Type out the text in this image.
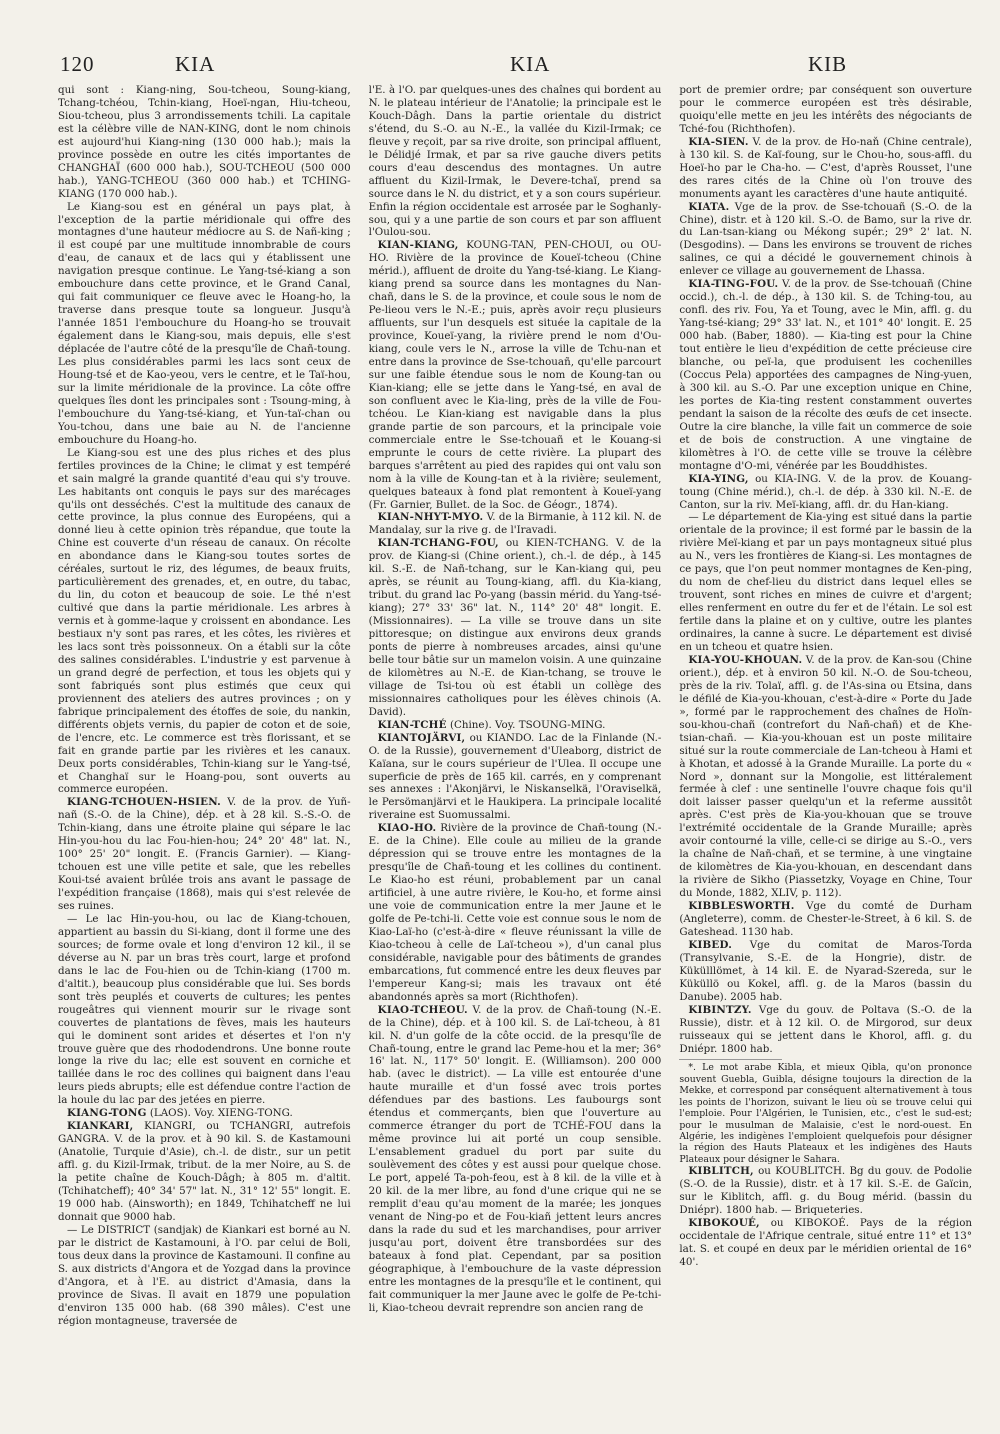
120	KIA	KIA	KIB

qui sont : Kiang-ning, Sou-tcheou, Soung-kiang, Tchang-tchéou, Tchin-kiang, Hoeï-ngan, Hiu-tcheou, Siou-tcheou, plus 3 arrondissements tchili. La capitale est la célèbre ville de NAN-KING, dont le nom chinois est aujourd'hui Kiang-ning (130 000 hab.); mais la province possède en outre les cités importantes de CHANGHAÏ (600 000 hab.), SOU-TCHEOU (500 000 hab.), YANG-TCHEOU (360 000 hab.) et TCHING-KIANG (170 000 hab.).

Le Kiang-sou est en général un pays plat, à l'exception de la partie méridionale qui offre des montagnes d'une hauteur médiocre au S. de Nañ-king ; il est coupé par une multitude innombrable de cours d'eau, de canaux et de lacs qui y établissent une navigation presque continue. Le Yang-tsé-kiang a son embouchure dans cette province, et le Grand Canal, qui fait communiquer ce fleuve avec le Hoang-ho, la traverse dans presque toute sa longueur. Jusqu'à l'année 1851 l'embouchure du Hoang-ho se trouvait également dans le Kiang-sou, mais depuis, elle s'est déplacée de l'autre côté de la presqu'île de Chañ-toung. Les plus considérables parmi les lacs sont ceux de Houng-tsé et de Kao-yeou, vers le centre, et le Taï-hou, sur la limite méridionale de la province. La côte offre quelques îles dont les principales sont : Tsoung-ming, à l'embouchure du Yang-tsé-kiang, et Yun-taï-chan ou You-tchou, dans une baie au N. de l'ancienne embouchure du Hoang-ho.

Le Kiang-sou est une des plus riches et des plus fertiles provinces de la Chine; le climat y est tempéré et sain malgré la grande quantité d'eau qui s'y trouve. Les habitants ont conquis le pays sur des marécages qu'ils ont desséchés. C'est la multitude des canaux de cette province, la plus connue des Européens, qui a donné lieu à cette opinion très répandue, que toute la Chine est couverte d'un réseau de canaux. On récolte en abondance dans le Kiang-sou toutes sortes de céréales, surtout le riz, des légumes, de beaux fruits, particulièrement des grenades, et, en outre, du tabac, du lin, du coton et beaucoup de soie. Le thé n'est cultivé que dans la partie méridionale. Les arbres à vernis et à gomme-laque y croissent en abondance. Les bestiaux n'y sont pas rares, et les côtes, les rivières et les lacs sont très poissonneux. On a établi sur la côte des salines considérables. L'industrie y est parvenue à un grand degré de perfection, et tous les objets qui y sont fabriqués sont plus estimés que ceux qui proviennent des ateliers des autres provinces ; on y fabrique principalement des étoffes de soie, du nankin, différents objets vernis, du papier de coton et de soie, de l'encre, etc. Le commerce est très florissant, et se fait en grande partie par les rivières et les canaux. Deux ports considérables, Tchin-kiang sur le Yang-tsé, et Changhaï sur le Hoang-pou, sont ouverts au commerce européen.

KIANG-TCHOUEN-HSIEN. V. de la prov. de Yuñ-nañ (S.-O. de la Chine), dép. et à 28 kil. S.-S.-O. de Tchin-kiang, dans une étroite plaine qui sépare le lac Hin-you-hou du lac Fou-hien-hou; 24° 20' 48" lat. N., 100° 25' 20" longit. E. (Francis Garnier). — Kiang-tchouen est une ville petite et sale, que les rebelles Koui-tsé avaient brûlée trois ans avant le passage de l'expédition française (1868), mais qui s'est relevée de ses ruines.

— Le lac Hin-you-hou, ou lac de Kiang-tchouen, appartient au bassin du Si-kiang, dont il forme une des sources; de forme ovale et long d'environ 12 kil., il se déverse au N. par un bras très court, large et profond dans le lac de Fou-hien ou de Tchin-kiang (1700 m. d'altit.), beaucoup plus considérable que lui. Ses bords sont très peuplés et couverts de cultures; les pentes rougeâtres qui viennent mourir sur le rivage sont couvertes de plantations de fèves, mais les hauteurs qui le dominent sont arides et désertes et l'on n'y trouve guère que des rhododendrons. Une bonne route longe la rive du lac; elle est souvent en corniche et taillée dans le roc des collines qui baignent dans l'eau leurs pieds abrupts; elle est défendue contre l'action de la houle du lac par des jetées en pierre.

KIANG-TONG (LAOS). Voy. XIENG-TONG.

KIANKARI, KIANGRI, ou TCHANGRI, autrefois GANGRA. V. de la prov. et à 90 kil. S. de Kastamouni (Anatolie, Turquie d'Asie), ch.-l. de distr., sur un petit affl. g. du Kizil-Irmak, tribut. de la mer Noire, au S. de la petite chaîne de Kouch-Dâgh; à 805 m. d'altit. (Tchihatcheff); 40° 34' 57" lat. N., 31° 12' 55" longit. E. 19 000 hab. (Ainsworth); en 1849, Tchihatcheff ne lui donnait que 9000 hab.

— Le DISTRICT (sandjak) de Kiankari est borné au N. par le district de Kastamouni, à l'O. par celui de Boli, tous deux dans la province de Kastamouni. Il confine au S. aux districts d'Angora et de Yozgad dans la province d'Angora, et à l'E. au district d'Amasia, dans la province de Sivas. Il avait en 1879 une population d'environ 135 000 hab. (68 390 mâles). C'est une région montagneuse, traversée de

l'E. à l'O. par quelques-unes des chaînes qui bordent au N. le plateau intérieur de l'Anatolie; la principale est le Kouch-Dâgh. Dans la partie orientale du district s'étend, du S.-O. au N.-E., la vallée du Kizil-Irmak; ce fleuve y reçoit, par sa rive droite, son principal affluent, le Délidjé Irmak, et par sa rive gauche divers petits cours d'eau descendus des montagnes. Un autre affluent du Kizil-Irmak, le Devere-tchaï, prend sa source dans le N. du district, et y a son cours supérieur. Enfin la région occidentale est arrosée par le Soghanly-sou, qui y a une partie de son cours et par son affluent l'Oulou-sou.

KIAN-KIANG, KOUNG-TAN, PEN-CHOUI, ou OU-HO. Rivière de la province de Koueï-tcheou (Chine mérid.), affluent de droite du Yang-tsé-kiang. Le Kiang-kiang prend sa source dans les montagnes du Nan-chañ, dans le S. de la province, et coule sous le nom de Pe-lieou vers le N.-E.; puis, après avoir reçu plusieurs affluents, sur l'un desquels est située la capitale de la province, Koueï-yang, la rivière prend le nom d'Ou-kiang, coule vers le N., arrose la ville de Tchu-nan et entre dans la province de Sse-tchouañ, qu'elle parcourt sur une faible étendue sous le nom de Koung-tan ou Kian-kiang; elle se jette dans le Yang-tsé, en aval de son confluent avec le Kia-ling, près de la ville de Fou-tchéou. Le Kian-kiang est navigable dans la plus grande partie de son parcours, et la principale voie commerciale entre le Sse-tchouañ et le Kouang-si emprunte le cours de cette rivière. La plupart des barques s'arrêtent au pied des rapides qui ont valu son nom à la ville de Koung-tan et à la rivière; seulement, quelques bateaux à fond plat remontent à Koueï-yang (Fr. Garnier, Bullet. de la Soc. de Géogr., 1874).

KIAN-NHYT-MYO. V. de la Birmanie, à 112 kil. N. de Mandalay, sur la rive g. de l'Iravadi.

KIAN-TCHANG-FOU, ou KIEN-TCHANG. V. de la prov. de Kiang-si (Chine orient.), ch.-l. de dép., à 145 kil. S.-E. de Nañ-tchang, sur le Kan-kiang qui, peu après, se réunit au Toung-kiang, affl. du Kia-kiang, tribut. du grand lac Po-yang (bassin mérid. du Yang-tsé-kiang); 27° 33' 36" lat. N., 114° 20' 48" longit. E. (Missionnaires). — La ville se trouve dans un site pittoresque; on distingue aux environs deux grands ponts de pierre à nombreuses arcades, ainsi qu'une belle tour bâtie sur un mamelon voisin. A une quinzaine de kilomètres au N.-E. de Kian-tchang, se trouve le village de Tsi-tou où est établi un collège des missionnaires catholiques pour les élèves chinois (A. David).

KIAN-TCHÉ (Chine). Voy. TSOUNG-MING.

KIANTOJÄRVI, ou KIANDO. Lac de la Finlande (N.-O. de la Russie), gouvernement d'Uleaborg, district de Kaïana, sur le cours supérieur de l'Ulea. Il occupe une superficie de près de 165 kil. carrés, en y comprenant ses annexes : l'Akonjärvi, le Niskanselkä, l'Oraviselkä, le Persömanjärvi et le Haukipera. La principale localité riveraine est Suomussalmi.

KIAO-HO. Rivière de la province de Chañ-toung (N.-E. de la Chine). Elle coule au milieu de la grande dépression qui se trouve entre les montagnes de la presqu'île de Chañ-toung et les collines du continent. Le Kiao-ho est réuni, probablement par un canal artificiel, à une autre rivière, le Kou-ho, et forme ainsi une voie de communication entre la mer Jaune et le golfe de Pe-tchi-li. Cette voie est connue sous le nom de Kiao-Laï-ho (c'est-à-dire « fleuve réunissant la ville de Kiao-tcheou à celle de Laï-tcheou »), d'un canal plus considérable, navigable pour des bâtiments de grandes embarcations, fut commencé entre les deux fleuves par l'empereur Kang-si; mais les travaux ont été abandonnés après sa mort (Richthofen).

KIAO-TCHEOU. V. de la prov. de Chañ-toung (N.-E. de la Chine), dép. et à 100 kil. S. de Laï-tcheou, à 81 kil. N. d'un golfe de la côte occid. de la presqu'île de Chañ-toung, entre le grand lac Peme-hou et la mer; 36° 16' lat. N., 117° 50' longit. E. (Williamson). 200 000 hab. (avec le district). — La ville est entourée d'une haute muraille et d'un fossé avec trois portes défendues par des bastions. Les faubourgs sont étendus et commerçants, bien que l'ouverture au commerce étranger du port de TCHÉ-FOU dans la même province lui ait porté un coup sensible. L'ensablement graduel du port par suite du soulèvement des côtes y est aussi pour quelque chose. Le port, appelé Ta-poh-feou, est à 8 kil. de la ville et à 20 kil. de la mer libre, au fond d'une crique qui ne se remplit d'eau qu'au moment de la marée; les jonques venant de Ning-po et de Fou-kiañ jettent leurs ancres dans la rade du sud et les marchandises, pour arriver jusqu'au port, doivent être transbordées sur des bateaux à fond plat. Cependant, par sa position géographique, à l'embouchure de la vaste dépression entre les montagnes de la presqu'île et le continent, qui fait communiquer la mer Jaune avec le golfe de Pe-tchi-li, Kiao-tcheou devrait reprendre son ancien rang de

port de premier ordre; par conséquent son ouverture pour le commerce européen est très désirable, quoiqu'elle mette en jeu les intérêts des négociants de Tché-fou (Richthofen).

KIA-SIEN. V. de la prov. de Ho-naň (Chine centrale), à 130 kil. S. de Kaï-foung, sur le Chou-ho, sous-affl. du Hoeï-ho par le Cha-ho. — C'est, d'après Rousset, l'une des rares cités de la Chine où l'on trouve des monuments ayant les caractères d'une haute antiquité.

KIATA. Vge de la prov. de Sse-tchouañ (S.-O. de la Chine), distr. et à 120 kil. S.-O. de Bamo, sur la rive dr. du Lan-tsan-kiang ou Mékong supér.; 29° 2' lat. N. (Desgodins). — Dans les environs se trouvent de riches salines, ce qui a décidé le gouvernement chinois à enlever ce village au gouvernement de Lhassa.

KIA-TING-FOU. V. de la prov. de Sse-tchouañ (Chine occid.), ch.-l. de dép., à 130 kil. S. de Tching-tou, au confl. des riv. Fou, Ya et Toung, avec le Min, affl. g. du Yang-tsé-kiang; 29° 33' lat. N., et 101° 40' longit. E. 25 000 hab. (Baber, 1880). — Kia-ting est pour la Chine tout entière le lieu d'expédition de cette précieuse cire blanche, ou peï-la, que produisent les cochenilles (Coccus Pela) apportées des campagnes de Ning-yuen, à 300 kil. au S.-O. Par une exception unique en Chine, les portes de Kia-ting restent constamment ouvertes pendant la saison de la récolte des œufs de cet insecte. Outre la cire blanche, la ville fait un commerce de soie et de bois de construction. A une vingtaine de kilomètres à l'O. de cette ville se trouve la célèbre montagne d'O-mi, vénérée par les Bouddhistes.

KIA-YING, ou KIA-ING. V. de la prov. de Kouang-toung (Chine mérid.), ch.-l. de dép. à 330 kil. N.-E. de Canton, sur la riv. Meï-kiang, affl. dr. du Han-kiang.

— Le département de Kia-ying est situé dans la partie orientale de la province; il est formé par le bassin de la rivière Meï-kiang et par un pays montagneux situé plus au N., vers les frontières de Kiang-si. Les montagnes de ce pays, que l'on peut nommer montagnes de Ken-ping, du nom de chef-lieu du district dans lequel elles se trouvent, sont riches en mines de cuivre et d'argent; elles renferment en outre du fer et de l'étain. Le sol est fertile dans la plaine et on y cultive, outre les plantes ordinaires, la canne à sucre. Le département est divisé en un tcheou et quatre hsien.

KIA-YOU-KHOUAN. V. de la prov. de Kan-sou (Chine orient.), dép. et à environ 50 kil. N.-O. de Sou-tcheou, près de la riv. Tolaï, affl. g. de l'As-sina ou Etsina, dans le défilé de Kia-you-khouan, c'est-à-dire « Porte du Jade », formé par le rapprochement des chaînes de Hoïn-sou-khou-chañ (contrefort du Nañ-chañ) et de Khe-tsian-chañ. — Kia-you-khouan est un poste militaire situé sur la route commerciale de Lan-tcheou à Hami et à Khotan, et adossé à la Grande Muraille. La porte du « Nord », donnant sur la Mongolie, est littéralement fermée à clef : une sentinelle l'ouvre chaque fois qu'il doit laisser passer quelqu'un et la referme aussitôt après. C'est près de Kia-you-khouan que se trouve l'extrémité occidentale de la Grande Muraille; après avoir contourné la ville, celle-ci se dirige au S.-O., vers la chaîne de Nañ-chañ, et se termine, à une vingtaine de kilomètres de Kia-you-khouan, en descendant dans la rivière de Sikho (Piassetzky, Voyage en Chine, Tour du Monde, 1882, XLIV, p. 112).

KIBBLESWORTH. Vge du comté de Durham (Angleterre), comm. de Chester-le-Street, à 6 kil. S. de Gateshead. 1130 hab.

KIBED. Vge du comitat de Maros-Torda (Transylvanie, S.-E. de la Hongrie), distr. de Kükülllömet, à 14 kil. E. de Nyarad-Szereda, sur le Küküllö ou Kokel, affl. g. de la Maros (bassin du Danube). 2005 hab.

KIBINTZY. Vge du gouv. de Poltava (S.-O. de la Russie), distr. et à 12 kil. O. de Mirgorod, sur deux ruisseaux qui se jettent dans le Khorol, affl. g. du Dniépr. 1800 hab.

*. Le mot arabe Kibla, et mieux Qibla, qu'on prononce souvent Guebla, Guibla, désigne toujours la direction de la Mekke, et correspond par conséquent alternativement à tous les points de l'horizon, suivant le lieu où se trouve celui qui l'emploie. Pour l'Algérien, le Tunisien, etc., c'est le sud-est; pour le musulman de Malaisie, c'est le nord-ouest. En Algérie, les indigènes l'emploient quelquefois pour désigner la région des Hauts Plateaux et les indigènes des Hauts Plateaux pour désigner le Sahara.

KIBLITCH, ou KOUBLITCH. Bg du gouv. de Podolie (S.-O. de la Russie), distr. et à 17 kil. S.-E. de Gaïcin, sur le Kiblitch, affl. g. du Boug mérid. (bassin du Dniépr). 1800 hab. — Briqueteries.

KIBOKOUÉ, ou KIBOKOÉ. Pays de la région occidentale de l'Afrique centrale, situé entre 11° et 13° lat. S. et coupé en deux par le méridien oriental de 16° 40'.
